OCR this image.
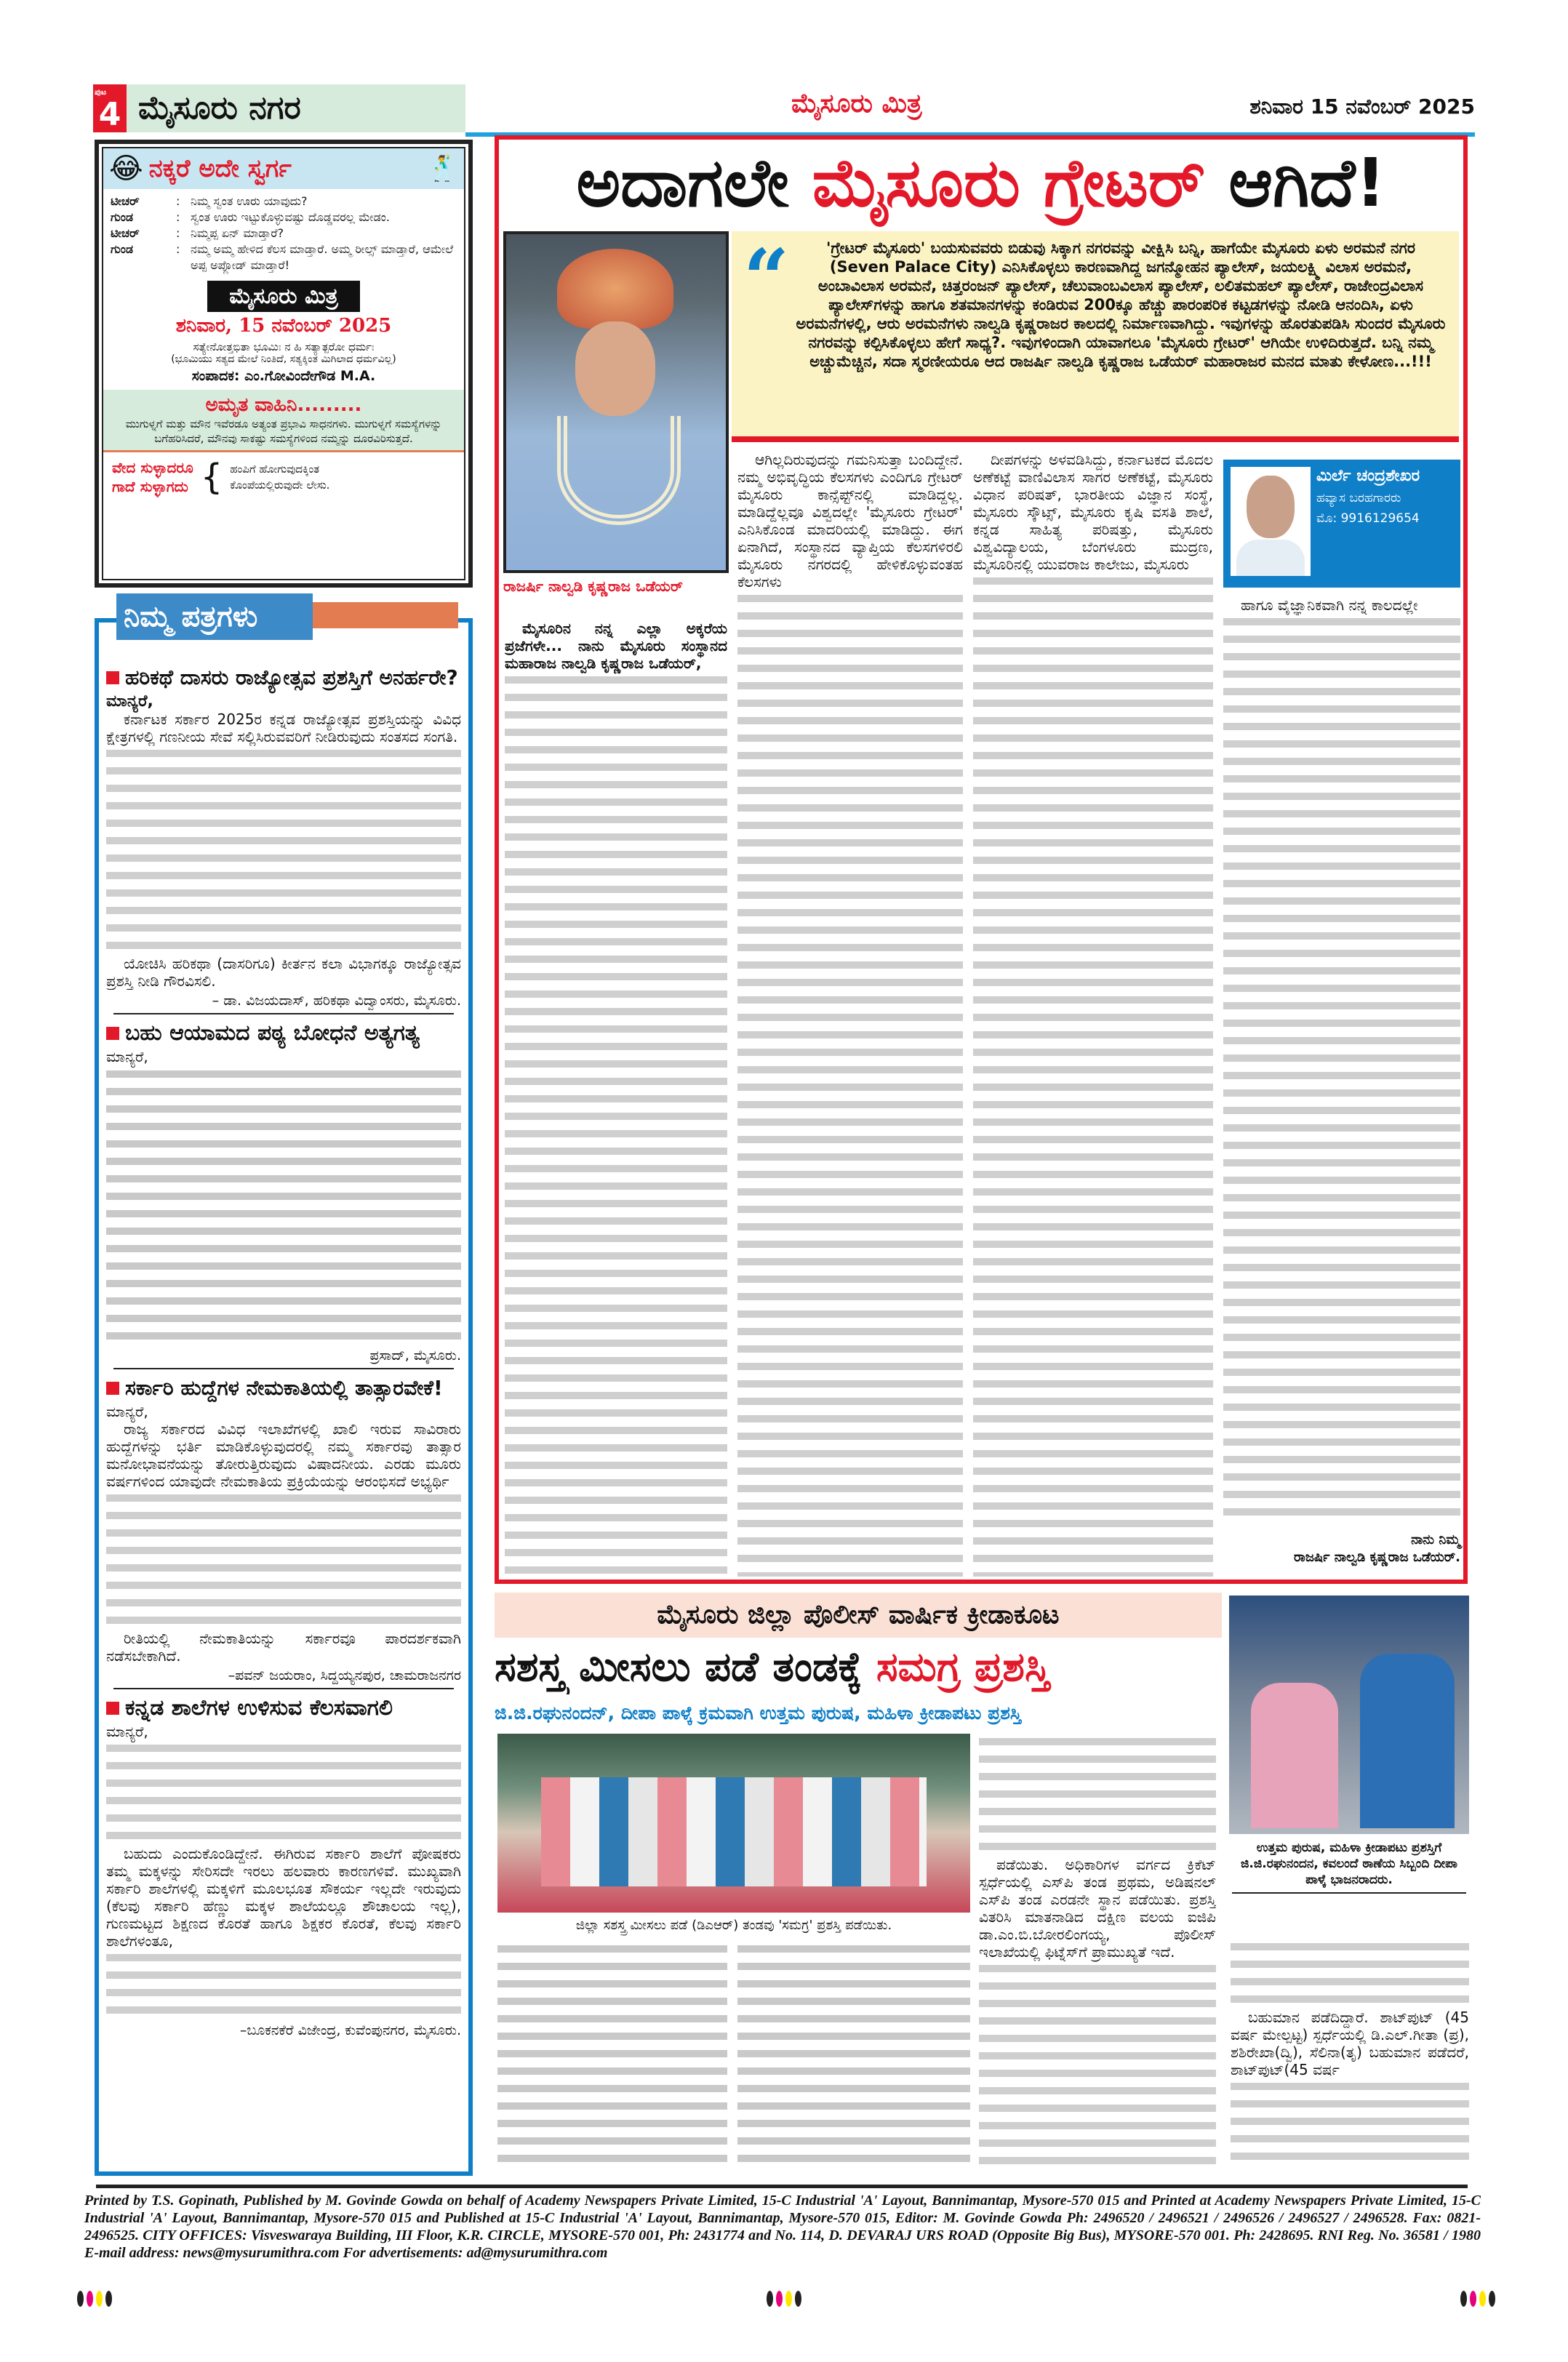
ಪುಟ
4 ಮೈಸೂರು ನಗರ	ಮೈಸೂರು ಮಿತ್ರ	ಶನಿವಾರ 15 ನವೆಂಬರ್ 2025
😂 ನಕ್ಕರೆ ಅದೇ ಸ್ವರ್ಗ	🕺
ಟೀಚರ್	: ನಿಮ್ಮ ಸ್ವಂತ ಊರು ಯಾವುದು?
ಗುಂಡ	: ಸ್ವಂತ ಊರು ಇಟ್ಟುಕೊಳ್ಳುವಷ್ಟು ದೊಡ್ಡವರಲ್ಲ ಮೇಡಂ.
ಟೀಚರ್	: ನಿಮ್ಮಪ್ಪ ಏನ್ ಮಾಡ್ತಾರೆ?
ಗುಂಡ	: ನಮ್ಮ ಅಮ್ಮ ಹೇಳಿದ ಕೆಲಸ ಮಾಡ್ತಾರೆ. ಅಮ್ಮ ರೀಲ್ಸ್ ಮಾಡ್ತಾರೆ, ಆಮೇಲೆ ಅಪ್ಪ ಅಪ್ಲೋಡ್ ಮಾಡ್ತಾರೆ!
ಮೈಸೂರು ಮಿತ್ರ
ಶನಿವಾರ, 15 ನವೆಂಬರ್ 2025
ಸತ್ಯೇನೋತ್ತಭಿತಾ ಭೂಮಿಃ ನ ಹಿ ಸತ್ಯಾತ್ಪರೋ ಧರ್ಮಃ
(ಭೂಮಿಯು ಸತ್ಯದ ಮೇಲೆ ನಿಂತಿದೆ, ಸತ್ಯಕ್ಕಿಂತ ಮಿಗಿಲಾದ ಧರ್ಮವಿಲ್ಲ)
ಸಂಪಾದಕ: ಎಂ.ಗೋವಿಂದೇಗೌಡ M.A.
ಅಮೃತ ವಾಹಿನಿ.........
ಮುಗುಳ್ನಗೆ ಮತ್ತು ಮೌನ ಇವೆರಡೂ ಅತ್ಯಂತ ಪ್ರಭಾವಿ ಸಾಧನಗಳು. ಮುಗುಳ್ನಗೆ ಸಮಸ್ಯೆಗಳನ್ನು ಬಗೆಹರಿಸಿದರೆ, ಮೌನವು ಸಾಕಷ್ಟು ಸಮಸ್ಯೆಗಳಿಂದ ನಮ್ಮನ್ನು ದೂರವಿರಿಸುತ್ತದೆ.
ವೇದ ಸುಳ್ಳಾದರೂ
ಗಾದೆ ಸುಳ್ಳಾಗದು { ಹಂಪಿಗೆ ಹೋಗುವುದಕ್ಕಿಂತ
ಕೊಂಪೆಯಲ್ಲಿರುವುದೇ ಲೇಸು.
ನಿಮ್ಮ ಪತ್ರಗಳು
ಹರಿಕಥೆ ದಾಸರು ರಾಜ್ಯೋತ್ಸವ ಪ್ರಶಸ್ತಿಗೆ ಅನರ್ಹರೇ?
ಮಾನ್ಯರೆ,

ಕರ್ನಾಟಕ ಸರ್ಕಾರ 2025ರ ಕನ್ನಡ ರಾಜ್ಯೋತ್ಸವ ಪ್ರಶಸ್ತಿಯನ್ನು ವಿವಿಧ ಕ್ಷೇತ್ರಗಳಲ್ಲಿ ಗಣನೀಯ ಸೇವೆ ಸಲ್ಲಿಸಿರುವವರಿಗೆ ನೀಡಿರುವುದು ಸಂತಸದ ಸಂಗತಿ.

ಯೋಚಿಸಿ ಹರಿಕಥಾ (ದಾಸರಿಗೂ) ಕೀರ್ತನ ಕಲಾ ವಿಭಾಗಕ್ಕೂ ರಾಜ್ಯೋತ್ಸವ ಪ್ರಶಸ್ತಿ ನೀಡಿ ಗೌರವಿಸಲಿ.

– ಡಾ. ವಿಜಯದಾಸ್, ಹರಿಕಥಾ ವಿದ್ವಾಂಸರು, ಮೈಸೂರು.
ಬಹು ಆಯಾಮದ ಪಠ್ಯ ಬೋಧನೆ ಅತ್ಯಗತ್ಯ
ಮಾನ್ಯರೆ,
ಪ್ರಸಾದ್, ಮೈಸೂರು.
ಸರ್ಕಾರಿ ಹುದ್ದೆಗಳ ನೇಮಕಾತಿಯಲ್ಲಿ ತಾತ್ಸಾರವೇಕೆ!
ಮಾನ್ಯರೆ,

ರಾಜ್ಯ ಸರ್ಕಾರದ ವಿವಿಧ ಇಲಾಖೆಗಳಲ್ಲಿ ಖಾಲಿ ಇರುವ ಸಾವಿರಾರು ಹುದ್ದೆಗಳನ್ನು ಭರ್ತಿ ಮಾಡಿಕೊಳ್ಳುವುದರಲ್ಲಿ ನಮ್ಮ ಸರ್ಕಾರವು ತಾತ್ಸಾರ ಮನೋಭಾವನೆಯನ್ನು ತೋರುತ್ತಿರುವುದು ವಿಷಾದನೀಯ. ಎರಡು ಮೂರು ವರ್ಷಗಳಿಂದ ಯಾವುದೇ ನೇಮಕಾತಿಯ ಪ್ರಕ್ರಿಯೆಯನ್ನು ಆರಂಭಿಸದೆ ಅಭ್ಯರ್ಥಿ

ರೀತಿಯಲ್ಲಿ ನೇಮಕಾತಿಯನ್ನು ಸರ್ಕಾರವೂ ಪಾರದರ್ಶಕವಾಗಿ ನಡೆಸಬೇಕಾಗಿದೆ.

–ಪವನ್ ಜಯರಾಂ, ಸಿದ್ದಯ್ಯನಪುರ, ಚಾಮರಾಜನಗರ
ಕನ್ನಡ ಶಾಲೆಗಳ ಉಳಿಸುವ ಕೆಲಸವಾಗಲಿ
ಮಾನ್ಯರೆ,

ಬಹುದು ಎಂದುಕೊಂಡಿದ್ದೇನೆ. ಈಗಿರುವ ಸರ್ಕಾರಿ ಶಾಲೆಗೆ ಪೋಷಕರು ತಮ್ಮ ಮಕ್ಕಳನ್ನು ಸೇರಿಸದೇ ಇರಲು ಹಲವಾರು ಕಾರಣಗಳಿವೆ. ಮುಖ್ಯವಾಗಿ ಸರ್ಕಾರಿ ಶಾಲೆಗಳಲ್ಲಿ ಮಕ್ಕಳಿಗೆ ಮೂಲಭೂತ ಸೌಕರ್ಯ ಇಲ್ಲದೇ ಇರುವುದು (ಕೆಲವು ಸರ್ಕಾರಿ ಹೆಣ್ಣು ಮಕ್ಕಳ ಶಾಲೆಯಲ್ಲೂ ಶೌಚಾಲಯ ಇಲ್ಲ), ಗುಣಮಟ್ಟದ ಶಿಕ್ಷಣದ ಕೊರತೆ ಹಾಗೂ ಶಿಕ್ಷಕರ ಕೊರತೆ, ಕೆಲವು ಸರ್ಕಾರಿ ಶಾಲೆಗಳಂತೂ,

–ಬೂಕನಕೆರೆ ವಿಜೇಂದ್ರ, ಕುವೆಂಪುನಗರ, ಮೈಸೂರು.
ಅದಾಗಲೇ ಮೈಸೂರು ಗ್ರೇಟರ್ ಆಗಿದೆ!
ರಾಜರ್ಷಿ ನಾಲ್ವಡಿ ಕೃಷ್ಣರಾಜ ಒಡೆಯರ್
“	'ಗ್ರೇಟರ್ ಮೈಸೂರು' ಬಯಸುವವರು ಬಿಡುವು ಸಿಕ್ಕಾಗ ನಗರವನ್ನು ವೀಕ್ಷಿಸಿ ಬನ್ನಿ, ಹಾಗೆಯೇ ಮೈಸೂರು ಏಳು ಅರಮನೆ ನಗರ (Seven Palace City) ಎನಿಸಿಕೊಳ್ಳಲು ಕಾರಣವಾಗಿದ್ದ ಜಗನ್ಮೋಹನ ಪ್ಯಾಲೇಸ್, ಜಯಲಕ್ಷ್ಮಿ ವಿಲಾಸ ಅರಮನೆ, ಅಂಬಾವಿಲಾಸ ಅರಮನೆ, ಚಿತ್ತರಂಜನ್ ಪ್ಯಾಲೇಸ್, ಚೆಲುವಾಂಬವಿಲಾಸ ಪ್ಯಾಲೇಸ್, ಲಲಿತಮಹಲ್ ಪ್ಯಾಲೇಸ್, ರಾಜೇಂದ್ರವಿಲಾಸ ಪ್ಯಾಲೇಸ್‌ಗಳನ್ನು ಹಾಗೂ ಶತಮಾನಗಳನ್ನು ಕಂಡಿರುವ 200ಕ್ಕೂ ಹೆಚ್ಚು ಪಾರಂಪರಿಕ ಕಟ್ಟಡಗಳನ್ನು ನೋಡಿ ಆನಂದಿಸಿ, ಏಳು ಅರಮನೆಗಳಲ್ಲಿ, ಆರು ಅರಮನೆಗಳು ನಾಲ್ವಡಿ ಕೃಷ್ಣರಾಜರ ಕಾಲದಲ್ಲಿ ನಿರ್ಮಾಣವಾಗಿದ್ದು. ಇವುಗಳನ್ನು ಹೊರತುಪಡಿಸಿ ಸುಂದರ ಮೈಸೂರು ನಗರವನ್ನು ಕಲ್ಪಿಸಿಕೊಳ್ಳಲು ಹೇಗೆ ಸಾಧ್ಯ?. ಇವುಗಳಿಂದಾಗಿ ಯಾವಾಗಲೂ 'ಮೈಸೂರು ಗ್ರೇಟರ್' ಆಗಿಯೇ ಉಳಿದಿರುತ್ತದೆ. ಬನ್ನಿ ನಮ್ಮ ಅಚ್ಚುಮೆಚ್ಚಿನ, ಸದಾ ಸ್ಮರಣೀಯರೂ ಆದ ರಾಜರ್ಷಿ ನಾಲ್ವಡಿ ಕೃಷ್ಣರಾಜ ಒಡೆಯರ್ ಮಹಾರಾಜರ ಮನದ ಮಾತು ಕೇಳೋಣ...!!!

ಮೈಸೂರಿನ ನನ್ನ ಎಲ್ಲಾ ಅಕ್ಕರೆಯ ಪ್ರಜೆಗಳೇ... ನಾನು ಮೈಸೂರು ಸಂಸ್ಥಾನದ ಮಹಾರಾಜ ನಾಲ್ವಡಿ ಕೃಷ್ಣರಾಜ ಒಡೆಯರ್,

ಆಗಿಲ್ಲದಿರುವುದನ್ನು ಗಮನಿಸುತ್ತಾ ಬಂದಿದ್ದೇನೆ. ನಮ್ಮ ಅಭಿವೃದ್ಧಿಯ ಕೆಲಸಗಳು ಎಂದಿಗೂ ಗ್ರೇಟರ್ ಮೈಸೂರು ಕಾನ್ಸೆಪ್ಟ್‌ನಲ್ಲಿ ಮಾಡಿದ್ದಲ್ಲ. ಮಾಡಿದ್ದೆಲ್ಲವೂ ವಿಶ್ವದಲ್ಲೇ 'ಮೈಸೂರು ಗ್ರೇಟರ್' ಎನಿಸಿಕೊಂಡ ಮಾದರಿಯಲ್ಲಿ ಮಾಡಿದ್ದು. ಈಗ ಏನಾಗಿದೆ, ಸಂಸ್ಥಾನದ ವ್ಯಾಪ್ತಿಯ ಕೆಲಸಗಳಿರಲಿ ಮೈಸೂರು ನಗರದಲ್ಲಿ ಹೇಳಿಕೊಳ್ಳುವಂತಹ ಕೆಲಸಗಳು

ದೀಪಗಳನ್ನು ಅಳವಡಿಸಿದ್ದು, ಕರ್ನಾಟಕದ ಮೊದಲ ಅಣೆಕಟ್ಟೆ ವಾಣಿವಿಲಾಸ ಸಾಗರ ಅಣೆಕಟ್ಟೆ, ಮೈಸೂರು ವಿಧಾನ ಪರಿಷತ್, ಭಾರತೀಯ ವಿಜ್ಞಾನ ಸಂಸ್ಥೆ, ಮೈಸೂರು ಸ್ಕೌಟ್ಸ್, ಮೈಸೂರು ಕೃಷಿ ವಸತಿ ಶಾಲೆ, ಕನ್ನಡ ಸಾಹಿತ್ಯ ಪರಿಷತ್ತು, ಮೈಸೂರು ವಿಶ್ವವಿದ್ಯಾಲಯ, ಬೆಂಗಳೂರು ಮುದ್ರಣ, ಮೈಸೂರಿನಲ್ಲಿ ಯುವರಾಜ ಕಾಲೇಜು, ಮೈಸೂರು

ಮಿರ್ಲೆ ಚಂದ್ರಶೇಖರ
ಹವ್ಯಾಸ ಬರಹಗಾರರು
ಮೊ: 9916129654

ಹಾಗೂ ವೈಜ್ಞಾನಿಕವಾಗಿ ನನ್ನ ಕಾಲದಲ್ಲೇ

ನಾನು ನಿಮ್ಮ
ರಾಜರ್ಷಿ ನಾಲ್ವಡಿ ಕೃಷ್ಣರಾಜ ಒಡೆಯರ್.
ಮೈಸೂರು ಜಿಲ್ಲಾ ಪೊಲೀಸ್ ವಾರ್ಷಿಕ ಕ್ರೀಡಾಕೂಟ
ಸಶಸ್ತ್ರ ಮೀಸಲು ಪಡೆ ತಂಡಕ್ಕೆ ಸಮಗ್ರ ಪ್ರಶಸ್ತಿ
ಜಿ.ಜಿ.ರಘುನಂದನ್, ದೀಪಾ ಪಾಳ್ಕೆ ಕ್ರಮವಾಗಿ ಉತ್ತಮ ಪುರುಷ, ಮಹಿಳಾ ಕ್ರೀಡಾಪಟು ಪ್ರಶಸ್ತಿ
ಜಿಲ್ಲಾ ಸಶಸ್ತ್ರ ಮೀಸಲು ಪಡೆ (ಡಿಎಆರ್) ತಂಡವು 'ಸಮಗ್ರ' ಪ್ರಶಸ್ತಿ ಪಡೆಯಿತು.

ಪಡೆಯಿತು. ಅಧಿಕಾರಿಗಳ ವರ್ಗದ ಕ್ರಿಕೆಟ್ ಸ್ಪರ್ಧೆಯಲ್ಲಿ ಎಸ್‌ಪಿ ತಂಡ ಪ್ರಥಮ, ಅಡಿಷನಲ್ ಎಸ್‌ಪಿ ತಂಡ ಎರಡನೇ ಸ್ಥಾನ ಪಡೆಯಿತು. ಪ್ರಶಸ್ತಿ ವಿತರಿಸಿ ಮಾತನಾಡಿದ ದಕ್ಷಿಣ ವಲಯ ಐಜಿಪಿ ಡಾ.ಎಂ.ಬಿ.ಬೋರಲಿಂಗಯ್ಯ, ಪೊಲೀಸ್ ಇಲಾಖೆಯಲ್ಲಿ ಫಿಟ್ನೆಸ್‌ಗೆ ಪ್ರಾಮುಖ್ಯತೆ ಇದೆ.

ಉತ್ತಮ ಪುರುಷ, ಮಹಿಳಾ ಕ್ರೀಡಾಪಟು ಪ್ರಶಸ್ತಿಗೆ ಜಿ.ಜಿ.ರಘುನಂದನ, ಕವಲಂದೆ ಠಾಣೆಯ ಸಿಬ್ಬಂದಿ ದೀಪಾ ಪಾಳ್ಕೆ ಭಾಜನರಾದರು.

ಬಹುಮಾನ ಪಡೆದಿದ್ದಾರೆ. ಶಾಟ್‌ಪುಟ್ (45 ವರ್ಷ ಮೇಲ್ಪಟ್ಟ) ಸ್ಪರ್ಧೆಯಲ್ಲಿ ಡಿ.ಎಲ್.ಗೀತಾ (ಪ್ರ), ಶಶಿರೇಖಾ(ದ್ವಿ), ಸೆಲಿನಾ(ತೃ) ಬಹುಮಾನ ಪಡೆದರೆ, ಶಾಟ್‌ಪುಟ್(45 ವರ್ಷ

Printed by T.S. Gopinath, Published by M. Govinde Gowda on behalf of Academy Newspapers Private Limited, 15-C Industrial 'A' Layout, Bannimantap, Mysore-570 015 and Printed at Academy Newspapers Private Limited, 15-C Industrial 'A' Layout, Bannimantap, Mysore-570 015 and Published at 15-C Industrial 'A' Layout, Bannimantap, Mysore-570 015, Editor: M. Govinde Gowda Ph: 2496520 / 2496521 / 2496526 / 2496527 / 2496528. Fax: 0821-2496525. CITY OFFICES: Visveswaraya Building, III Floor, K.R. CIRCLE, MYSORE-570 001, Ph: 2431774 and No. 114, D. DEVARAJ URS ROAD (Opposite Big Bus), MYSORE-570 001. Ph: 2428695. RNI Reg. No. 36581 / 1980 E-mail address: news@mysurumithra.com For advertisements: ad@mysurumithra.com
